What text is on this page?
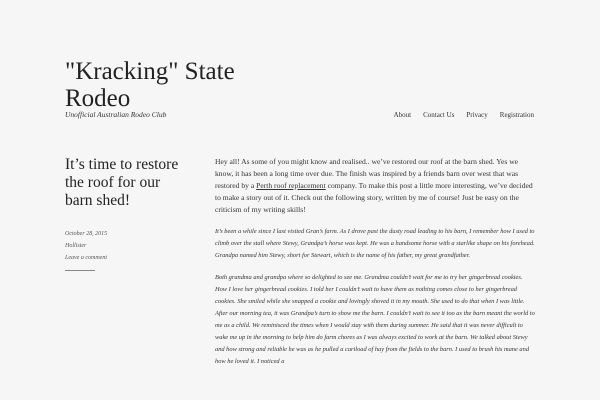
"Kracking" State Rodeo
Unofficial Australian Rodeo Club	About Contact Us Privacy Registration
It’s time to restore the roof for our barn shed!
October 28, 2015
Hollister
Leave a comment

Hey all! As some of you might know and realised.. we’ve restored our roof at the barn shed. Yes we know, it has been a long time over due. The finish was inspired by a friends barn over west that was restored by a Perth roof replacement company. To make this post a little more interesting, we’ve decided to make a story out of it. Check out the following story, written by me of course! Just be easy on the criticism of my writing skills!

It’s been a while since I last visited Gran’s farm. As I drove past the dusty road leading to his barn, I remember how I used to climb over the stall where Stewy, Grandpa’s horse was kept. He was a handsome horse with a starlike shape on his forehead. Grandpa named him Stewy, short for Stewart, which is the name of his father, my great grandfather.

Both grandma and grandpa where so delighted to see me. Grandma couldn’t wait for me to try her gingerbread cookies. How I love her gingerbread cookies. I told her I couldn’t wait to have them as nothing comes close to her gingerbread cookies. She smiled while she snapped a cookie and lovingly shoved it in my mouth. She used to do that when I was little. After our morning tea, it was Grandpa’s turn to show me the barn. I couldn’t wait to see it too as the barn meant the world to me as a child. We reminisced the times when I would stay with them during summer. He said that it was never difficult to wake me up in the morning to help him do farm chores as I was always excited to work at the barn. We talked about Stewy and how strong and reliable he was as he pulled a cartload of hay from the fields to the barn. I used to brush his mane and how he loved it. I noticed a
